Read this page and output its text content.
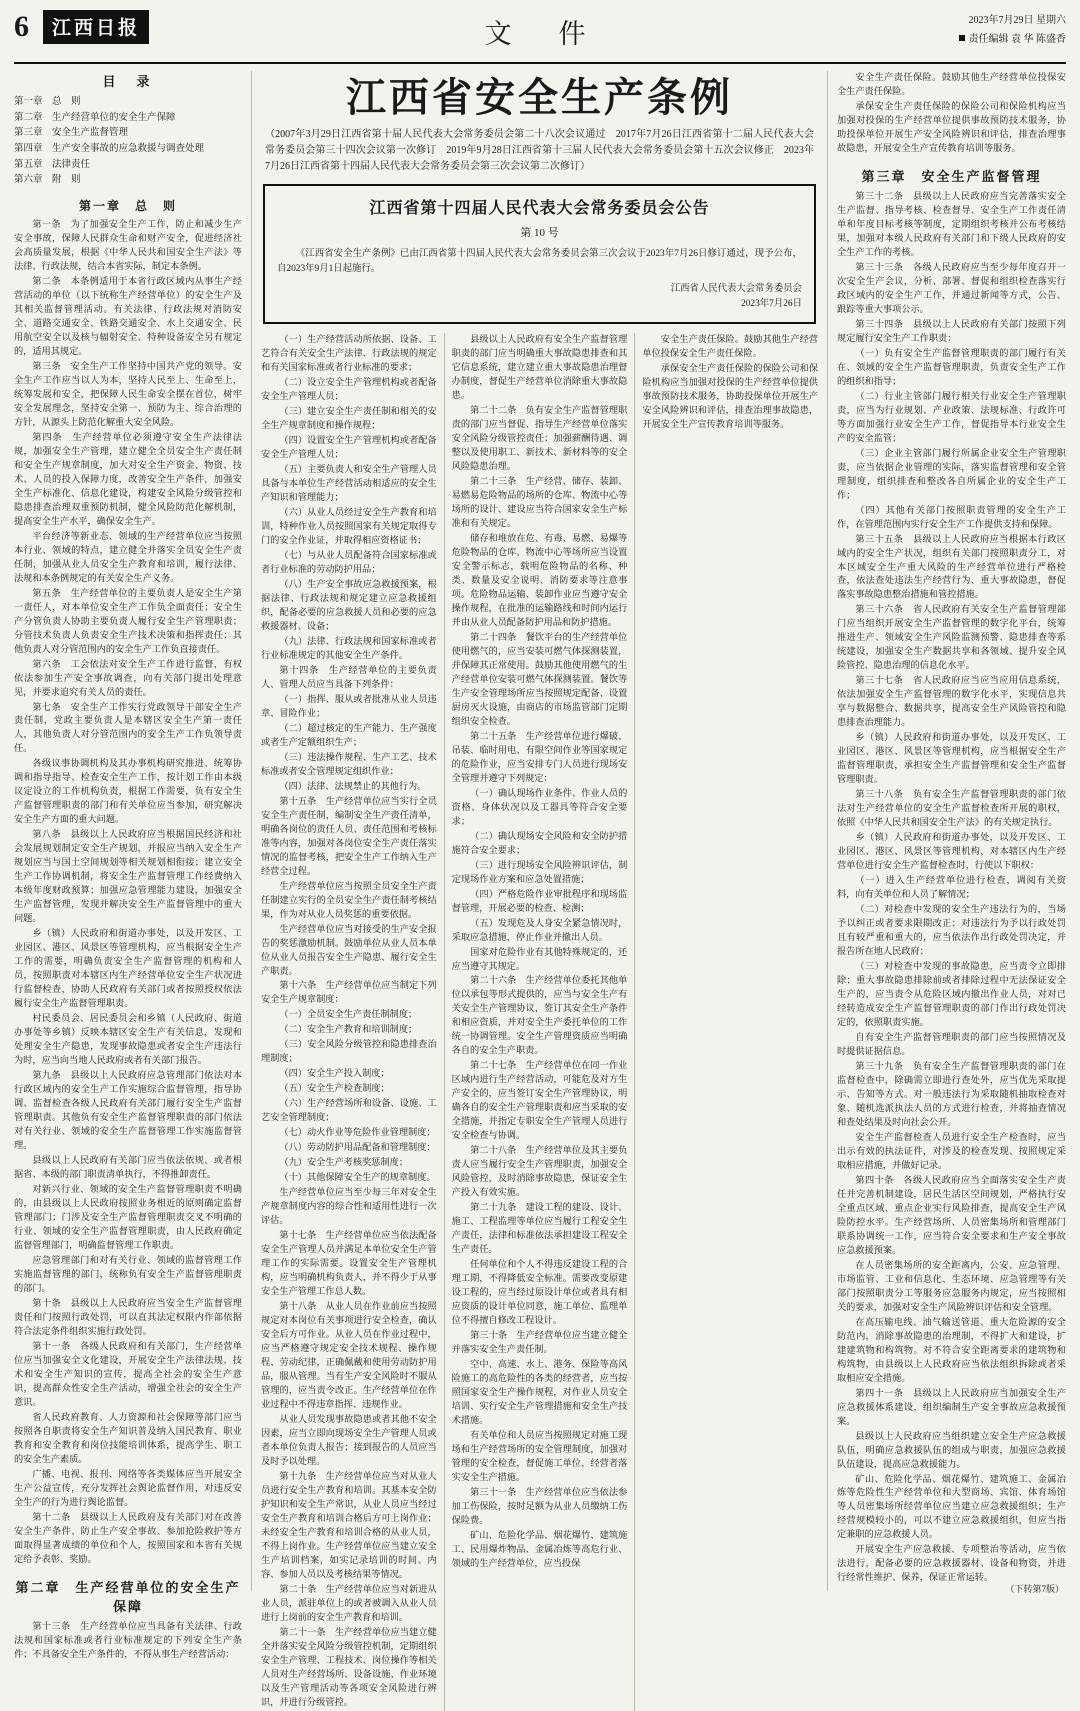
6	江西日报	文　件	2023年7月29日 星期六
责任编辑 袁 华 陈盛香
目　录
第一章　总　则
第二章　生产经营单位的安全生产保障
第三章　安全生产监督管理
第四章　生产安全事故的应急救援与调查处理
第五章　法律责任
第六章　附　则
第一章　总　则

第一条　为了加强安全生产工作，防止和减少生产安全事故，保障人民群众生命和财产安全，促进经济社会高质量发展，根据《中华人民共和国安全生产法》等法律、行政法规，结合本省实际，制定本条例。

第二条　本条例适用于本省行政区域内从事生产经营活动的单位（以下统称生产经营单位）的安全生产及其相关监督管理活动。有关法律、行政法规对消防安全、道路交通安全、铁路交通安全、水上交通安全、民用航空安全以及核与辐射安全、特种设备安全另有规定的，适用其规定。

第三条　安全生产工作坚持中国共产党的领导。安全生产工作应当以人为本，坚持人民至上、生命至上，统筹发展和安全，把保障人民生命安全摆在首位，树牢安全发展理念，坚持安全第一、预防为主、综合治理的方针，从源头上防范化解重大安全风险。

第四条　生产经营单位必须遵守安全生产法律法规，加强安全生产管理，建立健全全员安全生产责任制和安全生产规章制度，加大对安全生产资金、物资、技术、人员的投入保障力度，改善安全生产条件，加强安全生产标准化、信息化建设，构建安全风险分级管控和隐患排查治理双重预防机制，健全风险防范化解机制，提高安全生产水平，确保安全生产。

平台经济等新业态、领域的生产经营单位应当按照本行业、领域的特点，建立健全并落实全员安全生产责任制，加强从业人员安全生产教育和培训，履行法律、法规和本条例规定的有关安全生产义务。

第五条　生产经营单位的主要负责人是安全生产第一责任人，对本单位安全生产工作负全面责任；安全生产分管负责人协助主要负责人履行安全生产管理职责；分管技术负责人负责安全生产技术决策和指挥责任；其他负责人对分管范围内的安全生产工作负直接责任。

第六条　工会依法对安全生产工作进行监督，有权依法参加生产安全事故调查，向有关部门提出处理意见，并要求追究有关人员的责任。

第七条　安全生产工作实行党政领导干部安全生产责任制，党政主要负责人是本辖区安全生产第一责任人，其他负责人对分管范围内的安全生产工作负领导责任。

各级议事协调机构及其办事机构研究推进、统筹协调和指导指导、检查安全生产工作，按计划工作由本级议定设立的工作机构负责，根据工作需要，负有安全生产监督管理职责的部门和有关单位应当参加，研究解决安全生产方面的重大问题。

第八条　县级以上人民政府应当根据国民经济和社会发展规划制定安全生产规划，并报应当纳入安全生产规划应当与国土空间规划等相关规划相衔接；建立安全生产工作协调机制，将安全生产监督管理工作经费纳入本级年度财政预算；加强应急管理能力建设，加强安全生产监督管理，发现并解决安全生产监督管理中的重大问题。

乡（镇）人民政府和街道办事处，以及开发区、工业园区、港区、风景区等管理机构，应当根据安全生产工作的需要，明确负责安全生产监督管理的机构和人员，按照职责对本辖区内生产经营单位安全生产状况进行监督检查，协助人民政府有关部门或者按照授权依法履行安全生产监督管理职责。

村民委员会、居民委员会和乡镇（人民政府、街道办事处等乡镇）反映本辖区安全生产有关信息，发现和处理安全生产隐患，发现事故隐患或者安全生产违法行为时，应当向当地人民政府或者有关部门报告。

第九条　县级以上人民政府应急管理部门依法对本行政区域内的安全生产工作实施综合监督管理，指导协调、监督检查各级人民政府有关部门履行安全生产监督管理职责。其他负有安全生产监督管理职责的部门依法对有关行业、领域的安全生产监督管理工作实施监督管理。

县级以上人民政府有关部门应当依法依规、或者根据省、本级的部门职责清单执行，不得推卸责任。

对新兴行业、领域的安全生产监督管理职责不明确的，由县级以上人民政府按照业务相近的原则确定监督管理部门；门涉及安全生产监督管理职责交叉不明确的行业、领域的安全生产监督管理职责，由人民政府确定监督管理部门，明确监督管理工作职责。

应急管理部门和对有关行业、领域的监督管理工作实施监督管理的部门，统称负有安全生产监督管理职责的部门。

第十条　县级以上人民政府应当安全生产监督管理责任和门按照行政处罚，可以直其法定权限内作部依据符合法定条件组织实施行政处罚。

第十一条　各级人民政府和有关部门，生产经营单位应当加强安全文化建设，开展安全生产法律法规、技术和安全生产知识的宣传，提高全社会的安全生产意识，提高群众性安全生产活动，增强全社会的安全生产意识。

省人民政府教育、人力资源和社会保障等部门应当按照各自职责将安全生产知识普及纳入国民教育、职业教育和安全教育和岗位技能培训体系，提高学生、职工的安全生产素质。

广播、电视、报刊、网络等各类媒体应当开展安全生产公益宣传，充分发挥社会舆论监督作用，对违反安全生产的行为进行舆论监督。

第十二条　县级以上人民政府及有关部门对在改善安全生产条件、防止生产安全事故、参加抢险救护等方面取得显著成绩的单位和个人，按照国家和本省有关规定给予表彰、奖励。

第二章　生产经营单位的安全生产保障

第十三条　生产经营单位应当具备有关法律、行政法规和国家标准或者行业标准规定的下列安全生产条件；不具备安全生产条件的，不得从事生产经营活动：

江西省安全生产条例
（2007年3月29日江西省第十届人民代表大会常务委员会第二十八次会议通过　2017年7月26日江西省第十二届人民代表大会常务委员会第三十四次会议第一次修订　2019年9月28日江西省第十三届人民代表大会常务委员会第十五次会议修正　2023年7月26日江西省第十四届人民代表大会常务委员会第三次会议第二次修订）
江西省第十四届人民代表大会常务委员会公告
第 10 号
《江西省安全生产条例》已由江西省第十四届人民代表大会常务委员会第三次会议于2023年7月26日修订通过，现予公布，自2023年9月1日起施行。
江西省人民代表大会常务委员会
2023年7月26日

（一）生产经营活动所依据、设备、工艺符合有关安全生产法律、行政法规的规定和有关国家标准或者行业标准的要求；

（二）设立安全生产管理机构或者配备安全生产管理人员；

（三）建立安全生产责任制和相关的安全生产规章制度和操作规程；

（四）设置安全生产管理机构或者配备安全生产管理人员；

（五）主要负责人和安全生产管理人员具备与本单位生产经营活动相适应的安全生产知识和管理能力；

（六）从业人员经过安全生产教育和培训，特种作业人员按照国家有关规定取得专门的安全作业证，并取得相应资格证书；

（七）与从业人员配备符合国家标准或者行业标准的劳动防护用品；

（八）生产安全事故应急救援预案，根据法律、行政法规和规定建立应急救援组织，配备必要的应急救援人员和必要的应急救援器材、设备；

（九）法律、行政法规和国家标准或者行业标准规定的其他安全生产条件。

第十四条　生产经营单位的主要负责人、管理人员应当具备下列条件：

（一）指挥、服从或者批准从业人员违章、冒险作业；

（二）超过核定的生产能力、生产强度或者生产定额组织生产；

（三）违法操作规程、生产工艺、技术标准或者安全管理规定组织作业；

（四）法律、法规禁止的其他行为。

第十五条　生产经营单位应当实行全员安全生产责任制，编制安全生产责任清单，明确各岗位的责任人员、责任范围和考核标准等内容，加强对各岗位安全生产责任落实情况的监督考核，把安全生产工作纳入生产经营全过程。

生产经营单位应当按照全员安全生产责任制建立实行的全员安全生产责任制考核结果，作为对从业人员奖惩的重要依据。

生产经营单位应当对接受的生产安全报告的奖惩激励机制。鼓励单位从业人员本单位从业人员报告安全生产隐患、履行安全生产职责。

第十六条　生产经营单位应当制定下列安全生产规章制度：

（一）全员安全生产责任制制度；

（二）安全生产教育和培训制度；

（三）安全风险分级管控和隐患排查治理制度；

（四）安全生产投入制度；

（五）安全生产检查制度；

（六）生产经营场所和设备、设施、工艺安全管理制度；

（七）动火作业等危险作业管理制度；

（八）劳动防护用品配备和管理制度；

（九）安全生产考核奖惩制度；

（十）其他保障安全生产的规章制度。

生产经营单位应当至少每三年对安全生产规章制度内容的综合性和适用性进行一次评估。

第十七条　生产经营单位应当依法配备安全生产管理人员并满足本单位安全生产管理工作的实际需要。设置安全生产管理机构，应当明确机构负责人，并不得少于从事安全生产管理工作总人数。

第十八条　从业人员在作业前应当按照规定对本岗位有关事项进行安全检查，确认安全后方可作业。从业人员在作业过程中，应当严格遵守规定安全技术规程、操作规程、劳动纪律，正确佩戴和使用劳动防护用品，服从管理。当有生产安全风险时不服从管理的，应当责令改正。生产经营单位在作业过程中不得违章指挥、违规作业。

从业人员发现事故隐患或者其他不安全因素，应当立即向现场安全生产管理人员或者本单位负责人报告；接到报告的人员应当及时予以处理。

第十九条　生产经营单位应当对从业人员进行安全生产教育和培训。其基本安全防护知识和安全生产常识，从业人员应当经过安全生产教育和培训合格后方可上岗作业；未经安全生产教育和培训合格的从业人员，不得上岗作业。生产经营单位应当建立安全生产培训档案，如实记录培训的时间、内容、参加人员以及考核结果等情况。

第二十条　生产经营单位应当对新进从业人员，派驻单位上的或者被调入从业人员进行上岗前的安全生产教育和培训。

第二十一条　生产经营单位应当建立健全并落实安全风险分级管控机制，定期组织安全生产管理、工程技术、岗位操作等相关人员对生产经营场所、设备设施、作业环境以及生产管理活动等各项安全风险进行辨识，并进行分级管控。

县级以上人民政府有安全生产监督管理职责的部门应当明确重大事故隐患排查和其它信息系统，建立建立重大事故隐患治理督办制度，督促生产经营单位消除重大事故隐患。

第二十二条　负有安全生产监督管理职责的部门应当督促、指导生产经营单位落实安全风险分级管控责任；加强薪酬待遇、调整以及使用职工、新技术、新材料等的安全风险隐患治理。

第二十三条　生产经营、储存、装卸、易燃易危险物品的场所的仓库、物流中心等场所的设计、建设应当符合国家安全生产标准和有关规定。

储存和堆放在危、有毒、易燃、易爆等危险物品的仓库、物流中心等场所应当设置安全警示标志，载明危险物品的名称、种类、数量及安全说明、消防要求等注意事项。危险物品运输、装卸作业应当遵守安全操作规程，在批准的运输路线和时间内运行并由从业人员配备防护用品和防护措施。

第二十四条　餐饮平台的生产经营单位使用燃气的，应当安装可燃气体探测装置，并保障其正常使用。鼓励其他使用燃气的生产经营单位安装可燃气体探测装置。餐饮等生产安全管理场所应当按照规定配备、设置厨房灭火设施，由商店的市场监管部门定期组织安全检查。

第二十五条　生产经营单位进行爆破、吊装、临时用电、有限空间作业等国家规定的危险作业，应当安排专门人员进行现场安全管理并遵守下列规定：

（一）确认现场作业条件、作业人员的资格、身体状况以及工器具等符合安全要求；

（二）确认现场安全风险和安全防护措施符合安全要求；

（三）进行现场安全风险辨识评估，制定现场作业方案和应急处置措施；

（四）严格危险作业审批程序和现场监督管理，开展必要的检查、检测；

（五）发现危及人身安全紧急情况时，采取应急措施，停止作业并撤出人员。

国家对危险作业有其他特殊规定的，还应当遵守其规定。

第二十六条　生产经营单位委托其他单位以承包等形式提供的，应当与安全生产有关安全生产管理协议，签订其安全生产条件和相应资质，并对安全生产委托单位的工作统一协调管理。安全生产管理资质应当明确各自的安全生产职责。

第二十七条　生产经营单位在同一作业区域内进行生产经营活动，可能危及对方生产安全的，应当签订安全生产管理协议，明确各自的安全生产管理职责和应当采取的安全措施，并指定专职安全生产管理人员进行安全检查与协调。

第二十八条　生产经营单位及其主要负责人应当履行安全生产管理职责，加强安全风险管控，及时消除事故隐患，保证安全生产投入有效实施。

第二十九条　建设工程的建设、设计、施工、工程监理等单位应当履行工程安全生产责任，法律和标准依法承担建设工程安全生产责任。

任何单位和个人不得违反建设工程的合理工期，不得降低安全标准。需要改变原建设工程的，应当经过原设计单位或者具有相应资质的设计单位同意，施工单位、监理单位不得擅自修改工程设计。

第三十条　生产经营单位应当建立健全并落实安全生产责任制。

空中、高速、水上、港务、保险等高风险施工的高危险性的各类的经营者，应当按照国家安全生产操作规程，对作业人员安全培训、实行安全生产管理措施和安全生产技术措施。

有关单位和人员应当按照规定对施工现场和生产经营场所的安全管理制度，加强对管理的安全检查，督促施工单位、经营者落实安全生产措施。

第三十一条　生产经营单位应当依法参加工伤保险，按时足额为从业人员缴纳工伤保险费。

矿山、危险化学品、烟花爆竹、建筑施工、民用爆炸物品、金属冶炼等高危行业、领域的生产经营单位，应当投保

安全生产责任保险。鼓励其他生产经营单位投保安全生产责任保险。

承保安全生产责任保险的保险公司和保险机构应当加强对投保的生产经营单位提供事故预防技术服务，协助投保单位开展生产安全风险辨识和评估，排查治理事故隐患，开展安全生产宣传教育培训等服务。

安全生产责任保险。鼓励其他生产经营单位投保安全生产责任保险。

承保安全生产责任保险的保险公司和保险机构应当加强对投保的生产经营单位提供事故预防技术服务，协助投保单位开展生产安全风险辨识和评估，排查治理事故隐患，开展安全生产宣传教育培训等服务。

第三章　安全生产监督管理

第三十二条　县级以上人民政府应当完善落实安全生产监督、指导考核、检查督导、安全生产工作责任清单和年度目标考核等制度，定期组织考核并公布考核结果，加强对本级人民政府有关部门和下级人民政府的安全生产工作的考核。

第三十三条　各级人民政府应当至少每年度召开一次安全生产会议，分析、部署、督促和组织检查落实行政区域内的安全生产工作，并通过新闻等方式，公告、跟踪等重大事项公示。

第三十四条　县级以上人民政府有关部门按照下列规定履行安全生产工作职责：

（一）负有安全生产监督管理职责的部门履行有关在、领域的安全生产监督管理职责，负责安全生产工作的组织和指导；

（二）行业主管部门履行相关行业安全生产管理职责，应当为行业规划、产业政策、法规标准、行政许可等方面加强行业安全生产工作，督促指导本行业安全生产的安全监管；

（三）企业主管部门履行所属企业安全生产管理职责，应当依据企业管理的实际，落实监督管理和安全管理制度，组织排查和整改各自所属企业的安全生产工作；

（四）其他有关部门按照职责管理的安全生产工作，在管理范围内实行安全生产工作提供支持和保障。

第三十五条　县级以上人民政府应当根据本行政区域内的安全生产状况，组织有关部门按照职责分工，对本区域安全生产重大风险的生产经营单位进行严格检查，依法查处违法生产经营行为、重大事故隐患，督促落实事故隐患整治措施和管控措施。

第三十六条　省人民政府有关安全生产监督管理部门应当组织开展安全生产监督管理的数字化平台，统筹推进生产、领域安全生产风险监测预警、隐患排查等系统建设，加强安全生产数据共享和各领域、提升安全风险管控、隐患治理的信息化水平。

第三十七条　省人民政府应当应当应用信息系统，依法加强安全生产监督管理的数字化水平，实现信息共享与数据整合、数据共享，提高安全生产风险管控和隐患排查治理能力。

乡（镇）人民政府和街道办事处，以及开发区、工业园区、港区、风景区等管理机构，应当根据安全生产监督管理职责，承担安全生产监督管理和安全生产监督管理职责。

第三十八条　负有安全生产监督管理职责的部门依法对生产经营单位的安全生产监督检查所开展的职权，依照《中华人民共和国安全生产法》的有关规定执行。

乡（镇）人民政府和街道办事处，以及开发区、工业园区、港区、风景区等管理机构，对本辖区内生产经营单位进行安全生产监督检查时，行使以下职权：

（一）进入生产经营单位进行检查，调阅有关资料，向有关单位和人员了解情况；

（二）对检查中发现的安全生产违法行为的，当场予以纠正或者要求限期改正；对违法行为予以行政处罚且有较严重和重大的，应当依法作出行政处罚决定，并报告所在地人民政府；

（三）对检查中发现的事故隐患，应当责令立即排除；重大事故隐患排除前或者排除过程中无法保证安全生产的，应当责令从危险区域内撤出作业人员，对对已经转造成安全生产监督管理职责的部门作出行政处罚决定的，依照职责实施。

自有安全生产监督管理职责的部门应当按照情况及时提供证据信息。

第三十九条　负有安全生产监督管理职责的部门在监督检查中，除确需立即进行查处外，应当优先采取提示、告知等方式。对一般违法行为采取随机抽取检查对象、随机选派执法人员的方式进行检查，并将抽查情况和查处结果及时向社会公开。

安全生产监督检查人员进行安全生产检查时，应当出示有效的执法证件，对涉及的检查发现、按照规定采取相应措施，并做好记录。

第四十条　各级人民政府应当全面落实安全生产责任并完善机制建设，居民生活区空间规划，严格执行安全重点区域、重点企业实行风险排查，提高安全生产风险防控水平。生产经营场所、人员密集场所和管理部门联系协调统一工作，应当符合安全要求和生产安全事故应急救援预案。

在人员密集场所的安全距离内，公安、应急管理、市场监管、工业和信息化、生态环境、应急管理等有关部门按照职责分工等服务应急服务内规定，应当按照相关的要求，加强对安全生产风险辨识评估和安全管理。

在高压输电线、油气输送管道、重大危险源的安全防范内，消除事故隐患的治理制，不得扩大和建设，扩建建筑物和构筑物。对不符合安全距离要求的建筑物和构筑物，由县级以上人民政府应当依法组织拆除或者采取相应安全措施。

第四十一条　县级以上人民政府应当加强安全生产应急救援体系建设，组织编制生产安全事故应急救援预案。

县级以上人民政府应当组织建立安全生产应急救援队伍，明确应急救援队伍的组成与职责，加强应急救援队伍建设，提高应急救援能力。

矿山、危险化学品、烟花爆竹、建筑施工、金属冶炼等危险性生产经营单位和大型商场、宾馆、体育场馆等人员密集场所经营单位应当建立应急救援组织；生产经营规模较小的，可以不建立应急救援组织，但应当指定兼职的应急救援人员。

开展安全生产应急救援、专项整治等活动，应当依法进行，配备必要的应急救援器材、设备和物资，并进行经常性维护、保养，保证正常运转。

（下转第7版）
